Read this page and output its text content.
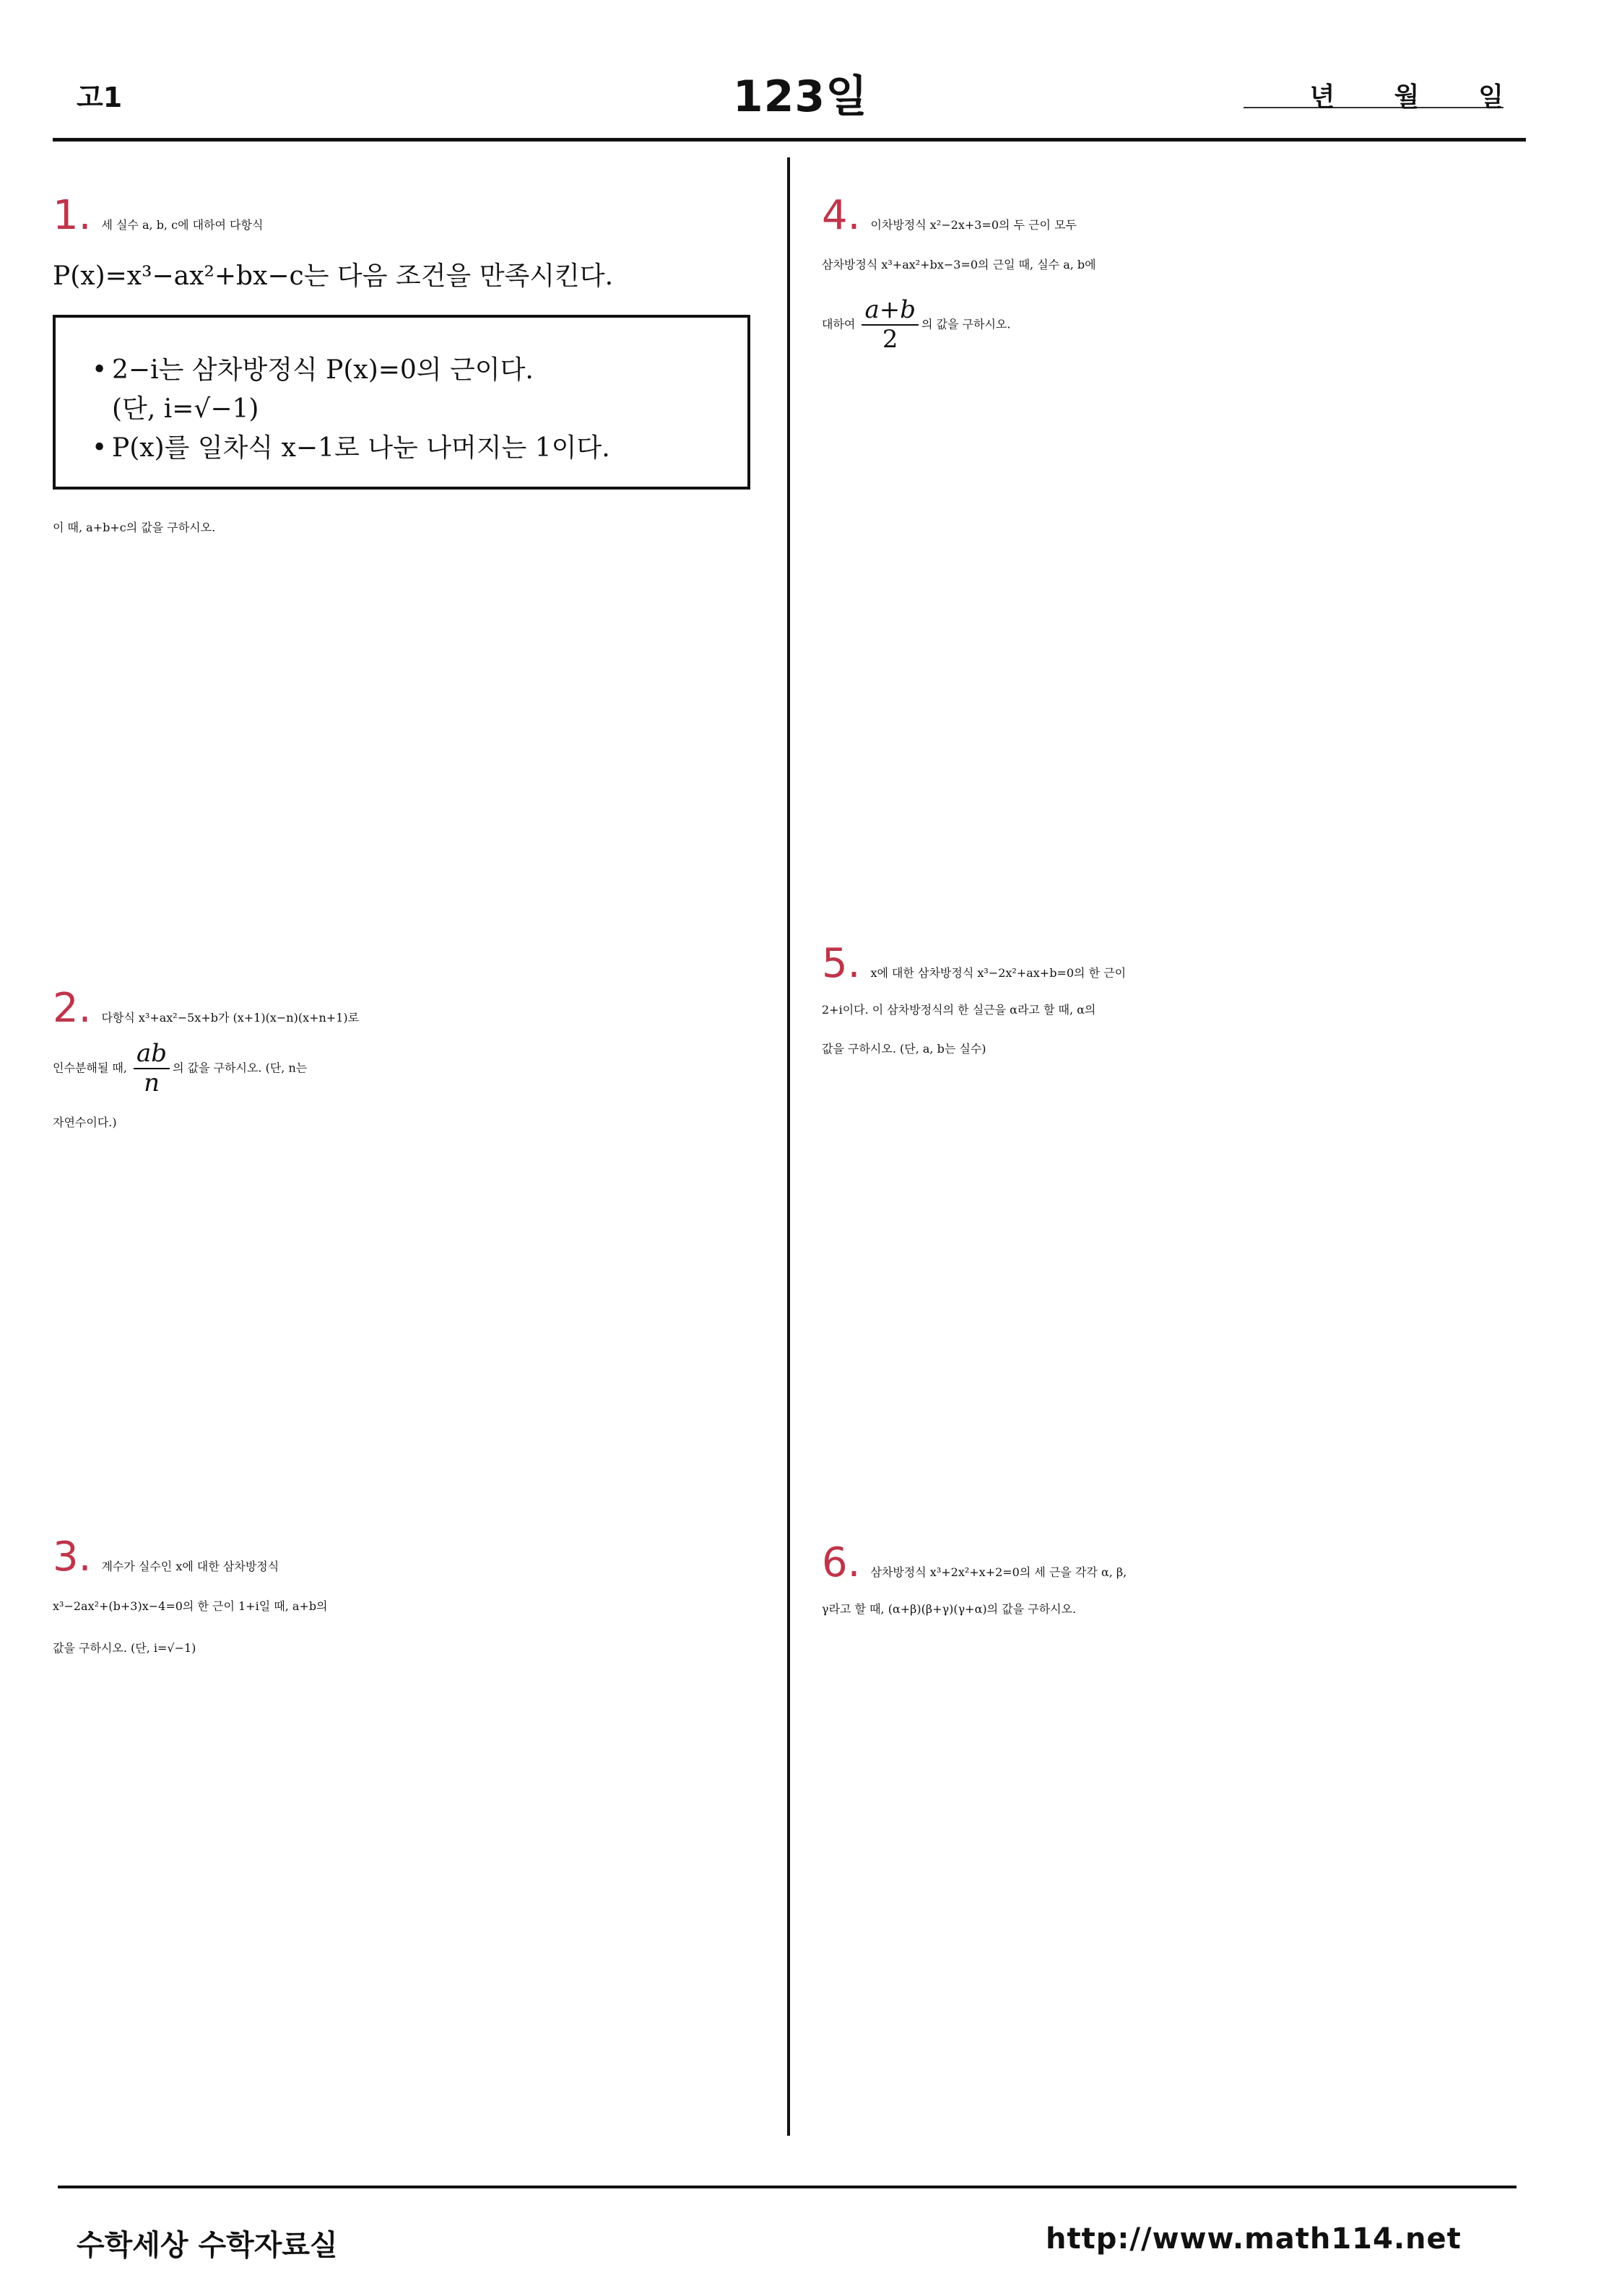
고1	123일	년 월 일
1. 세 실수 a, b, c에 대하여 다항식
P(x)=x³−ax²+bx−c는 다음 조건을 만족시킨다.
• 2−i는 삼차방정식 P(x)=0의 근이다.
(단, i=√−1)
• P(x)를 일차식 x−1로 나눈 나머지는 1이다.
이 때, a+b+c의 값을 구하시오.
2. 다항식 x³+ax²−5x+b가 (x+1)(x−n)(x+n+1)로
인수분해될 때, $\frac{ab}{n}$ 의 값을 구하시오. (단, n는
자연수이다.)
3. 계수가 실수인 x에 대한 삼차방정식
x³−2ax²+(b+3)x−4=0의 한 근이 1+i일 때, a+b의
값을 구하시오. (단, i=√−1)
4. 이차방정식 x²−2x+3=0의 두 근이 모두
삼차방정식 x³+ax²+bx−3=0의 근일 때, 실수 a, b에
대하여 $\frac{a+b}{2}$ 의 값을 구하시오.
5. x에 대한 삼차방정식 x³−2x²+ax+b=0의 한 근이
2+i이다. 이 삼차방정식의 한 실근을 α라고 할 때, α의
값을 구하시오. (단, a, b는 실수)
6. 삼차방정식 x³+2x²+x+2=0의 세 근을 각각 α, β,
γ라고 할 때, (α+β)(β+γ)(γ+α)의 값을 구하시오.
수학세상 수학자료실	http://www.math114.net
